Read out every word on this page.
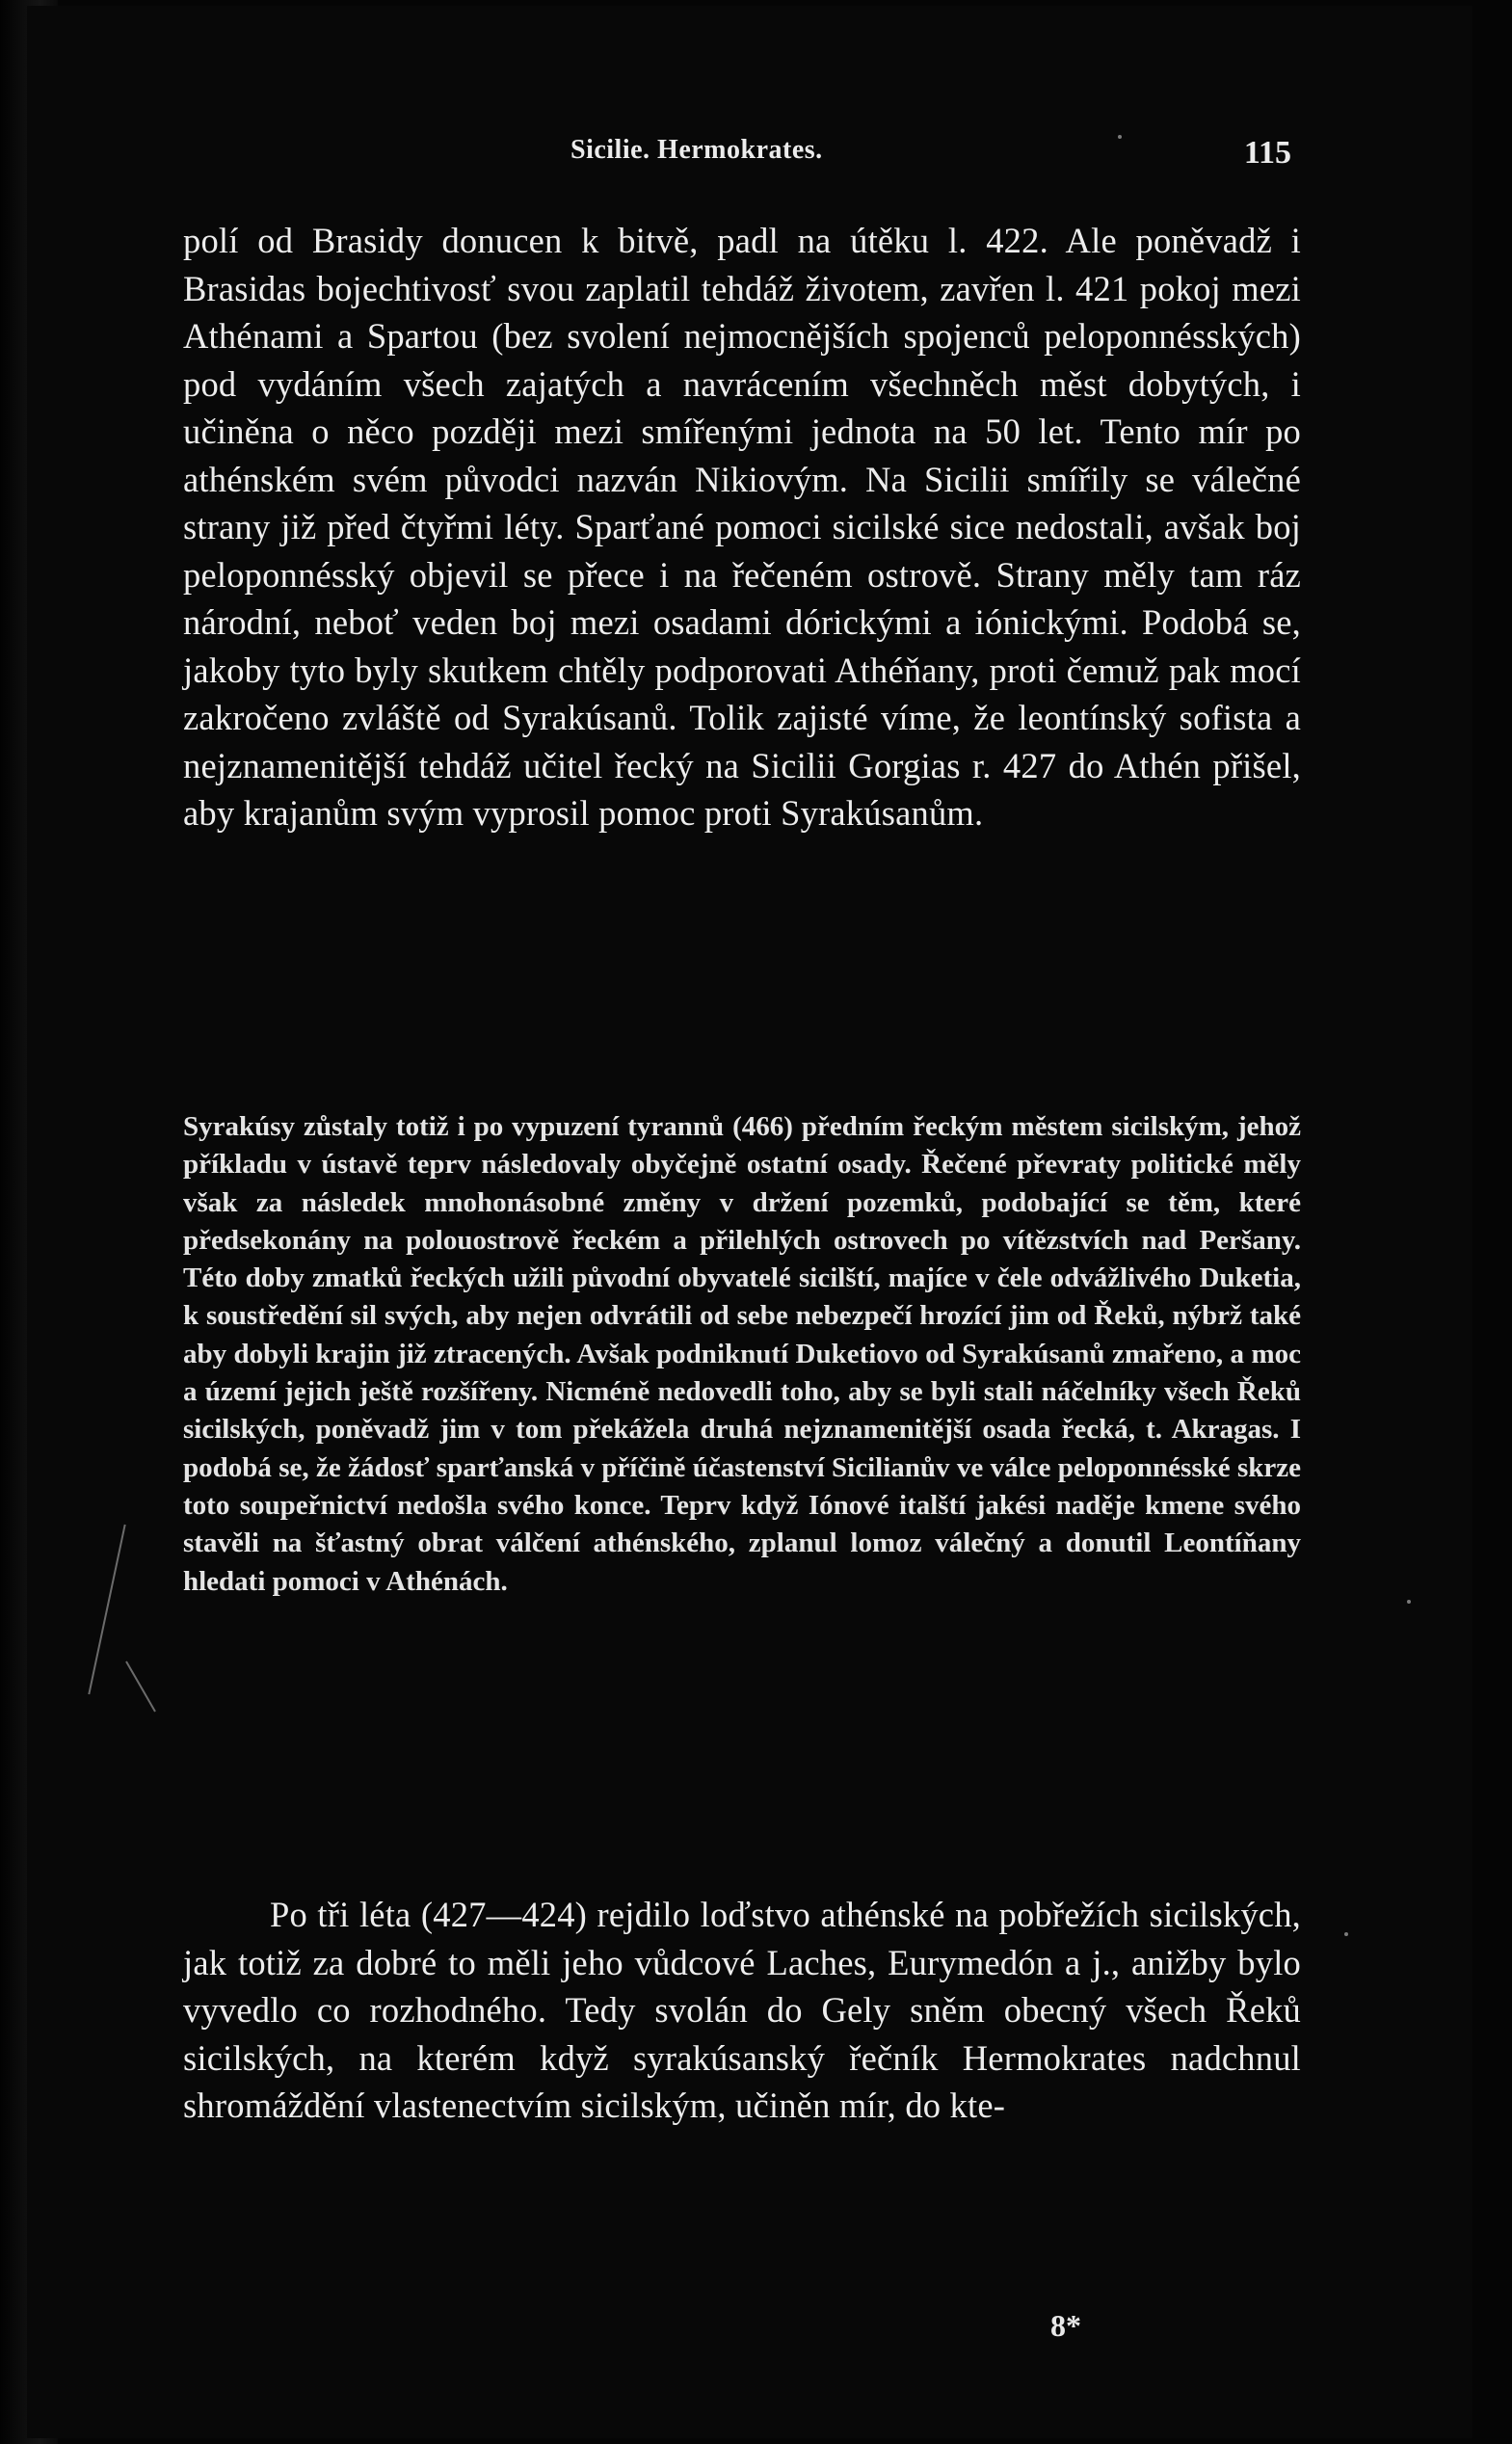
Sicilie. Hermokrates.	115

polí od Brasidy donucen k bitvě, padl na útěku l. 422. Ale poněvadž i Brasidas bojechtivosť svou zaplatil tehdáž životem, zavřen l. 421 pokoj mezi Athénami a Spartou (bez svolení nejmocnějších spojenců peloponnésských) pod vydáním všech zajatých a navrácením všechněch měst dobytých, i učiněna o něco později mezi smířenými jednota na 50 let. Tento mír po athénském svém původci nazván Nikiovým. Na Sicilii smířily se válečné strany již před čtyřmi léty. Sparťané pomoci sicilské sice nedostali, avšak boj peloponnésský objevil se přece i na řečeném ostrově. Strany měly tam ráz národní, neboť veden boj mezi osadami dórickými a iónickými. Podobá se, jakoby tyto byly skutkem chtěly podporovati Athéňany, proti čemuž pak mocí zakročeno zvláště od Syrakúsanů. Tolik zajisté víme, že leontínský sofista a nejznamenitější tehdáž učitel řecký na Sicilii Gorgias r. 427 do Athén přišel, aby krajanům svým vyprosil pomoc proti Syrakúsanům.

Syrakúsy zůstaly totiž i po vypuzení tyrannů (466) předním řeckým městem sicilským, jehož příkladu v ústavě teprv následovaly obyčejně ostatní osady. Řečené převraty politické měly však za následek mnohonásobné změny v držení pozemků, podobající se těm, které předsekonány na polouostrově řeckém a přilehlých ostrovech po vítězstvích nad Peršany. Této doby zmatků řeckých užili původní obyvatelé sicilští, majíce v čele odvážlivého Duketia, k soustředění sil svých, aby nejen odvrátili od sebe nebezpečí hrozící jim od Řeků, nýbrž také aby dobyli krajin již ztracených. Avšak podniknutí Duketiovo od Syrakúsanů zmařeno, a moc a území jejich ještě rozšířeny. Nicméně nedovedli toho, aby se byli stali náčelníky všech Řeků sicilských, poněvadž jim v tom překážela druhá nejznamenitější osada řecká, t. Akragas. I podobá se, že žádosť sparťanská v příčině účastenství Sicilianův ve válce peloponnésské skrze toto soupeřnictví nedošla svého konce. Teprv když Iónové italští jakési naděje kmene svého stavěli na šťastný obrat válčení athénského, zplanul lomoz válečný a donutil Leontíňany hledati pomoci v Athénách.

Po tři léta (427—424) rejdilo loďstvo athénské na pobřežích sicilských, jak totiž za dobré to měli jeho vůdcové Laches, Eurymedón a j., anižby bylo vyvedlo co rozhodného. Tedy svolán do Gely sněm obecný všech Řeků sicilských, na kterém když syrakúsanský řečník Hermokrates nadchnul shromáždění vlastenectvím sicilským, učiněn mír, do kte-

8*
